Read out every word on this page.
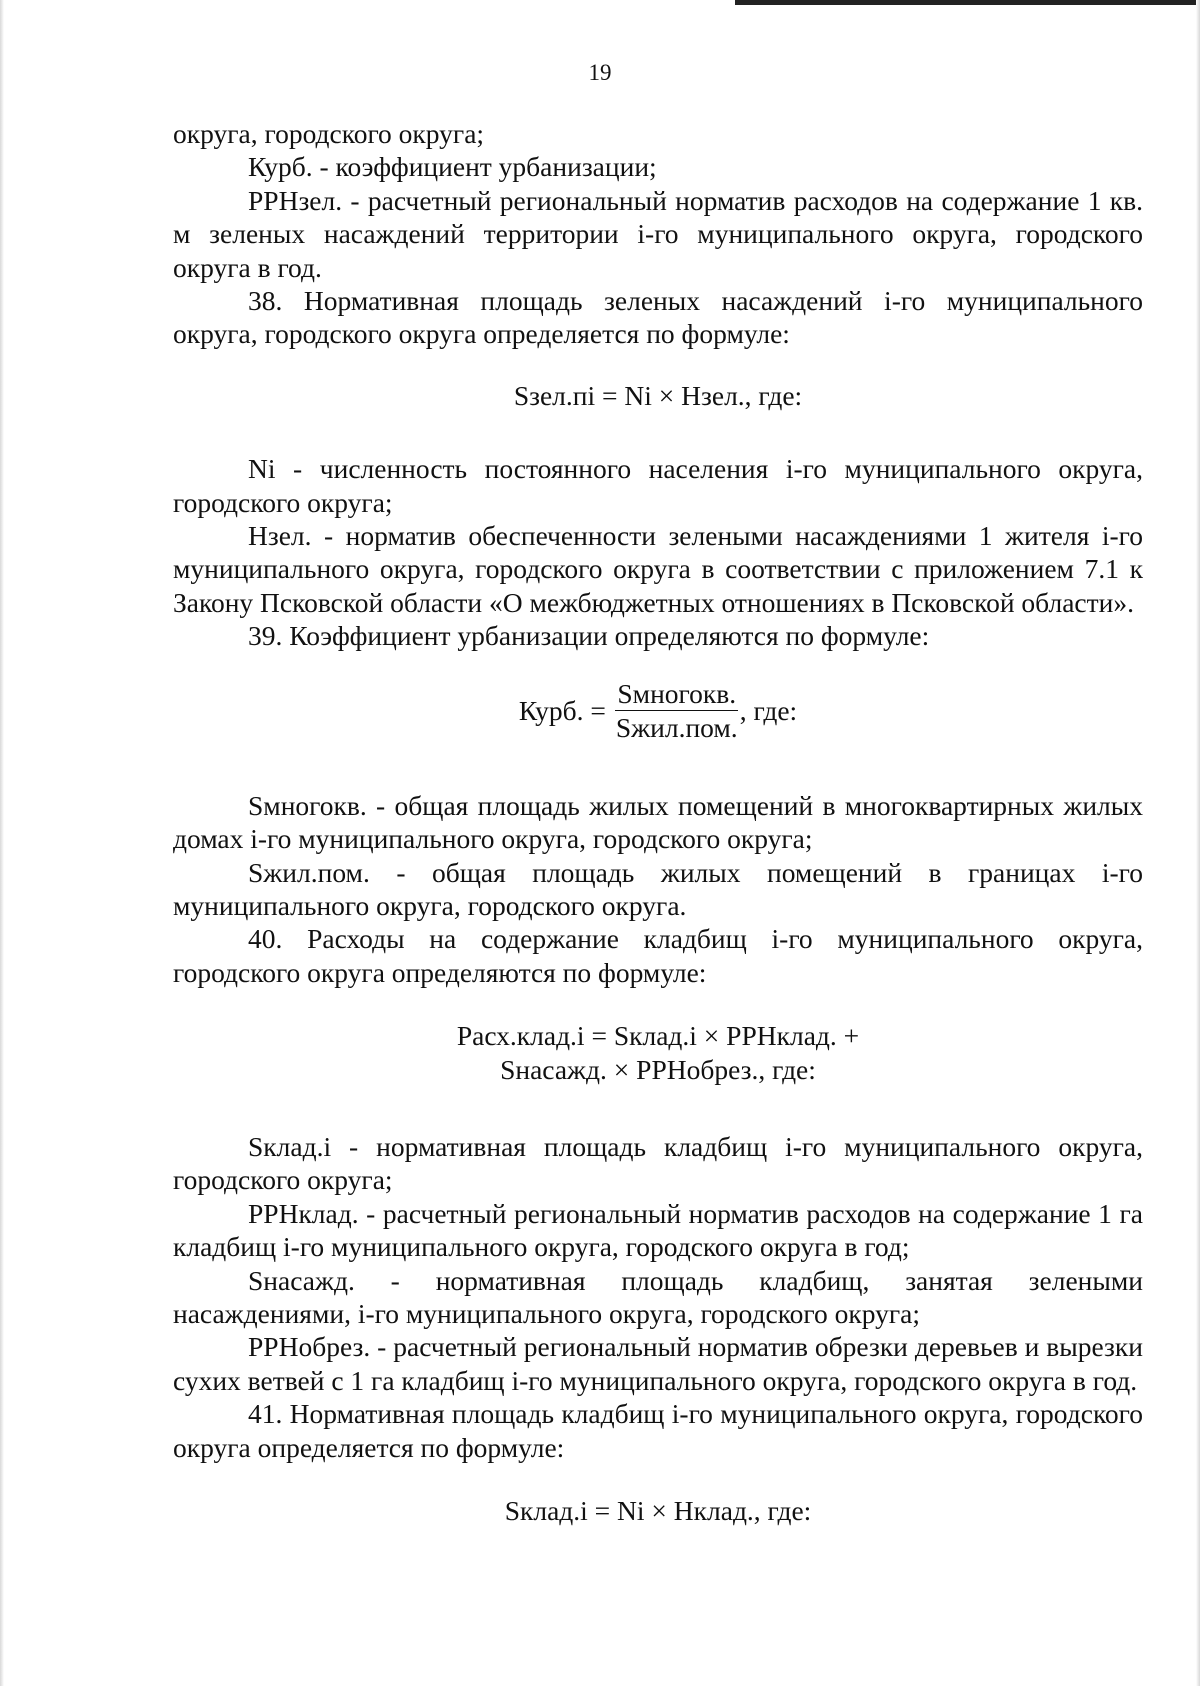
19

округа, городского округа;

Курб. - коэффициент урбанизации;

РРНзел. - расчетный региональный норматив расходов на содержание 1 кв. м зеленых насаждений территории i-го муниципального округа, городского округа в год.

38. Нормативная площадь зеленых насаждений i-го муниципального округа, городского округа определяется по формуле:

Sзел.пi = Ni × Нзел., где:

Ni - численность постоянного населения i-го муниципального округа, городского округа;

Нзел. - норматив обеспеченности зелеными насаждениями 1 жителя i-го муниципального округа, городского округа в соответствии с приложением 7.1 к Закону Псковской области «О межбюджетных отношениях в Псковской области».

39. Коэффициент урбанизации определяются по формуле:

Курб. = $\frac{\text{Sмногокв.}}{\text{Sжил.пом.}}$ , где:

Sмногокв. - общая площадь жилых помещений в многоквартирных жилых домах i-го муниципального округа, городского округа;

Sжил.пом. - общая площадь жилых помещений в границах i-го муниципального округа, городского округа.

40. Расходы на содержание кладбищ i-го муниципального округа, городского округа определяются по формуле:

Расх.клад.i = Sклад.i × РРНклад. +

Sнасажд. × РРНобрез., где:

Sклад.i - нормативная площадь кладбищ i-го муниципального округа, городского округа;

РРНклад. - расчетный региональный норматив расходов на содержание 1 га кладбищ i-го муниципального округа, городского округа в год;

Sнасажд. - нормативная площадь кладбищ, занятая зелеными насаждениями, i-го муниципального округа, городского округа;

РРНобрез. - расчетный региональный норматив обрезки деревьев и вырезки сухих ветвей с 1 га кладбищ i-го муниципального округа, городского округа в год.

41. Нормативная площадь кладбищ i-го муниципального округа, городского округа определяется по формуле:

Sклад.i = Ni × Нклад., где:
